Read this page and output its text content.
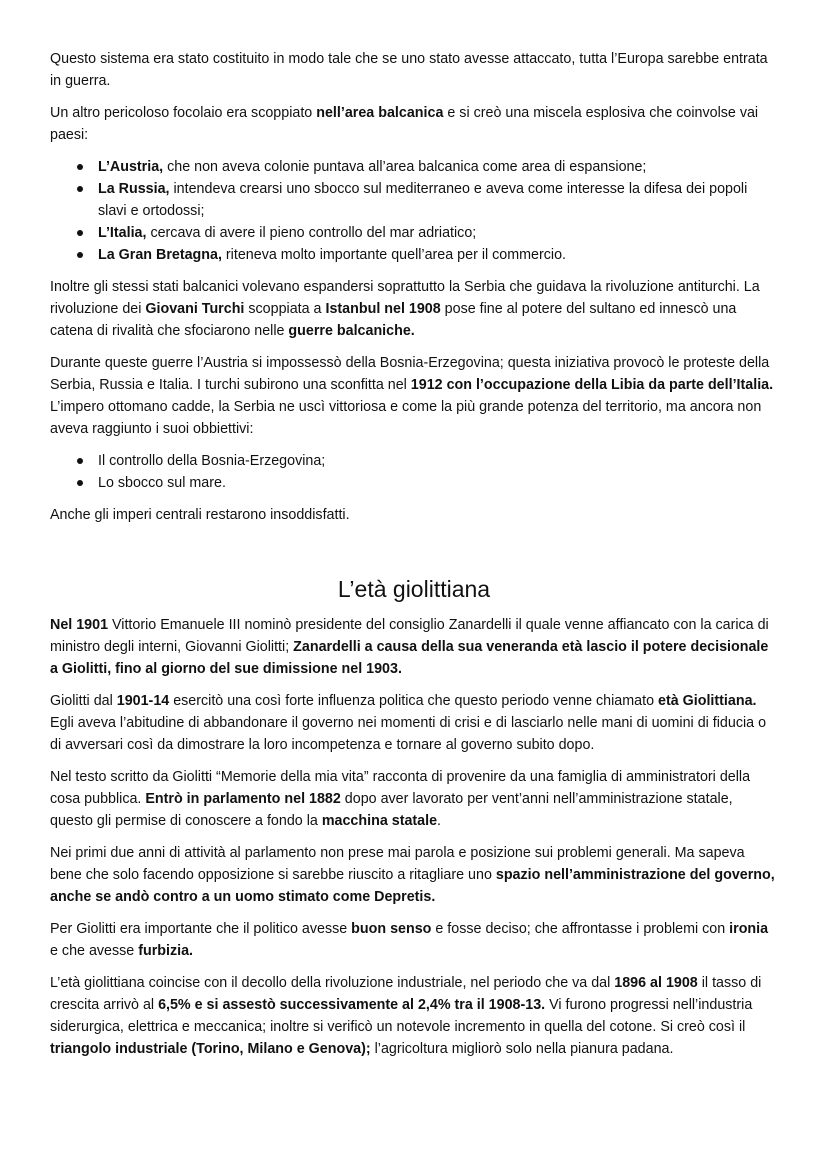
Questo sistema era stato costituito in modo tale che se uno stato avesse attaccato, tutta l’Europa sarebbe entrata in guerra.

Un altro pericoloso focolaio era scoppiato nell’area balcanica e si creò una miscela esplosiva che coinvolse vai paesi:

L’Austria, che non aveva colonie puntava all’area balcanica come area di espansione;
La Russia, intendeva crearsi uno sbocco sul mediterraneo e aveva come interesse la difesa dei popoli slavi e ortodossi;
L’Italia, cercava di avere il pieno controllo del mar adriatico;
La Gran Bretagna, riteneva molto importante quell’area per il commercio.

Inoltre gli stessi stati balcanici volevano espandersi soprattutto la Serbia che guidava la rivoluzione antiturchi. La rivoluzione dei Giovani Turchi scoppiata a Istanbul nel 1908 pose fine al potere del sultano ed innescò una catena di rivalità che sfociarono nelle guerre balcaniche.

Durante queste guerre l’Austria si impossessò della Bosnia-Erzegovina; questa iniziativa provocò le proteste della Serbia, Russia e Italia. I turchi subirono una sconfitta nel 1912 con l’occupazione della Libia da parte dell’Italia. L’impero ottomano cadde, la Serbia ne uscì vittoriosa e come la più grande potenza del territorio, ma ancora non aveva raggiunto i suoi obbiettivi:

Il controllo della Bosnia-Erzegovina;
Lo sbocco sul mare.

Anche gli imperi centrali restarono insoddisfatti.

L’età giolittiana

Nel 1901 Vittorio Emanuele III nominò presidente del consiglio Zanardelli il quale venne affiancato con la carica di ministro degli interni, Giovanni Giolitti; Zanardelli a causa della sua veneranda età lascio il potere decisionale a Giolitti, fino al giorno del sue dimissione nel 1903.

Giolitti dal 1901-14 esercitò una così forte influenza politica che questo periodo venne chiamato età Giolittiana. Egli aveva l’abitudine di abbandonare il governo nei momenti di crisi e di lasciarlo nelle mani di uomini di fiducia o di avversari così da dimostrare la loro incompetenza e tornare al governo subito dopo.

Nel testo scritto da Giolitti “Memorie della mia vita” racconta di provenire da una famiglia di amministratori della cosa pubblica. Entrò in parlamento nel 1882 dopo aver lavorato per vent’anni nell’amministrazione statale, questo gli permise di conoscere a fondo la macchina statale.

Nei primi due anni di attività al parlamento non prese mai parola e posizione sui problemi generali. Ma sapeva bene che solo facendo opposizione si sarebbe riuscito a ritagliare uno spazio nell’amministrazione del governo, anche se andò contro a un uomo stimato come Depretis.

Per Giolitti era importante che il politico avesse buon senso e fosse deciso; che affrontasse i problemi con ironia e che avesse furbizia.

L’età giolittiana coincise con il decollo della rivoluzione industriale, nel periodo che va dal 1896 al 1908 il tasso di crescita arrivò al 6,5% e si assestò successivamente al 2,4% tra il 1908-13. Vi furono progressi nell’industria siderurgica, elettrica e meccanica; inoltre si verificò un notevole incremento in quella del cotone. Si creò così il triangolo industriale (Torino, Milano e Genova); l’agricoltura migliorò solo nella pianura padana.
